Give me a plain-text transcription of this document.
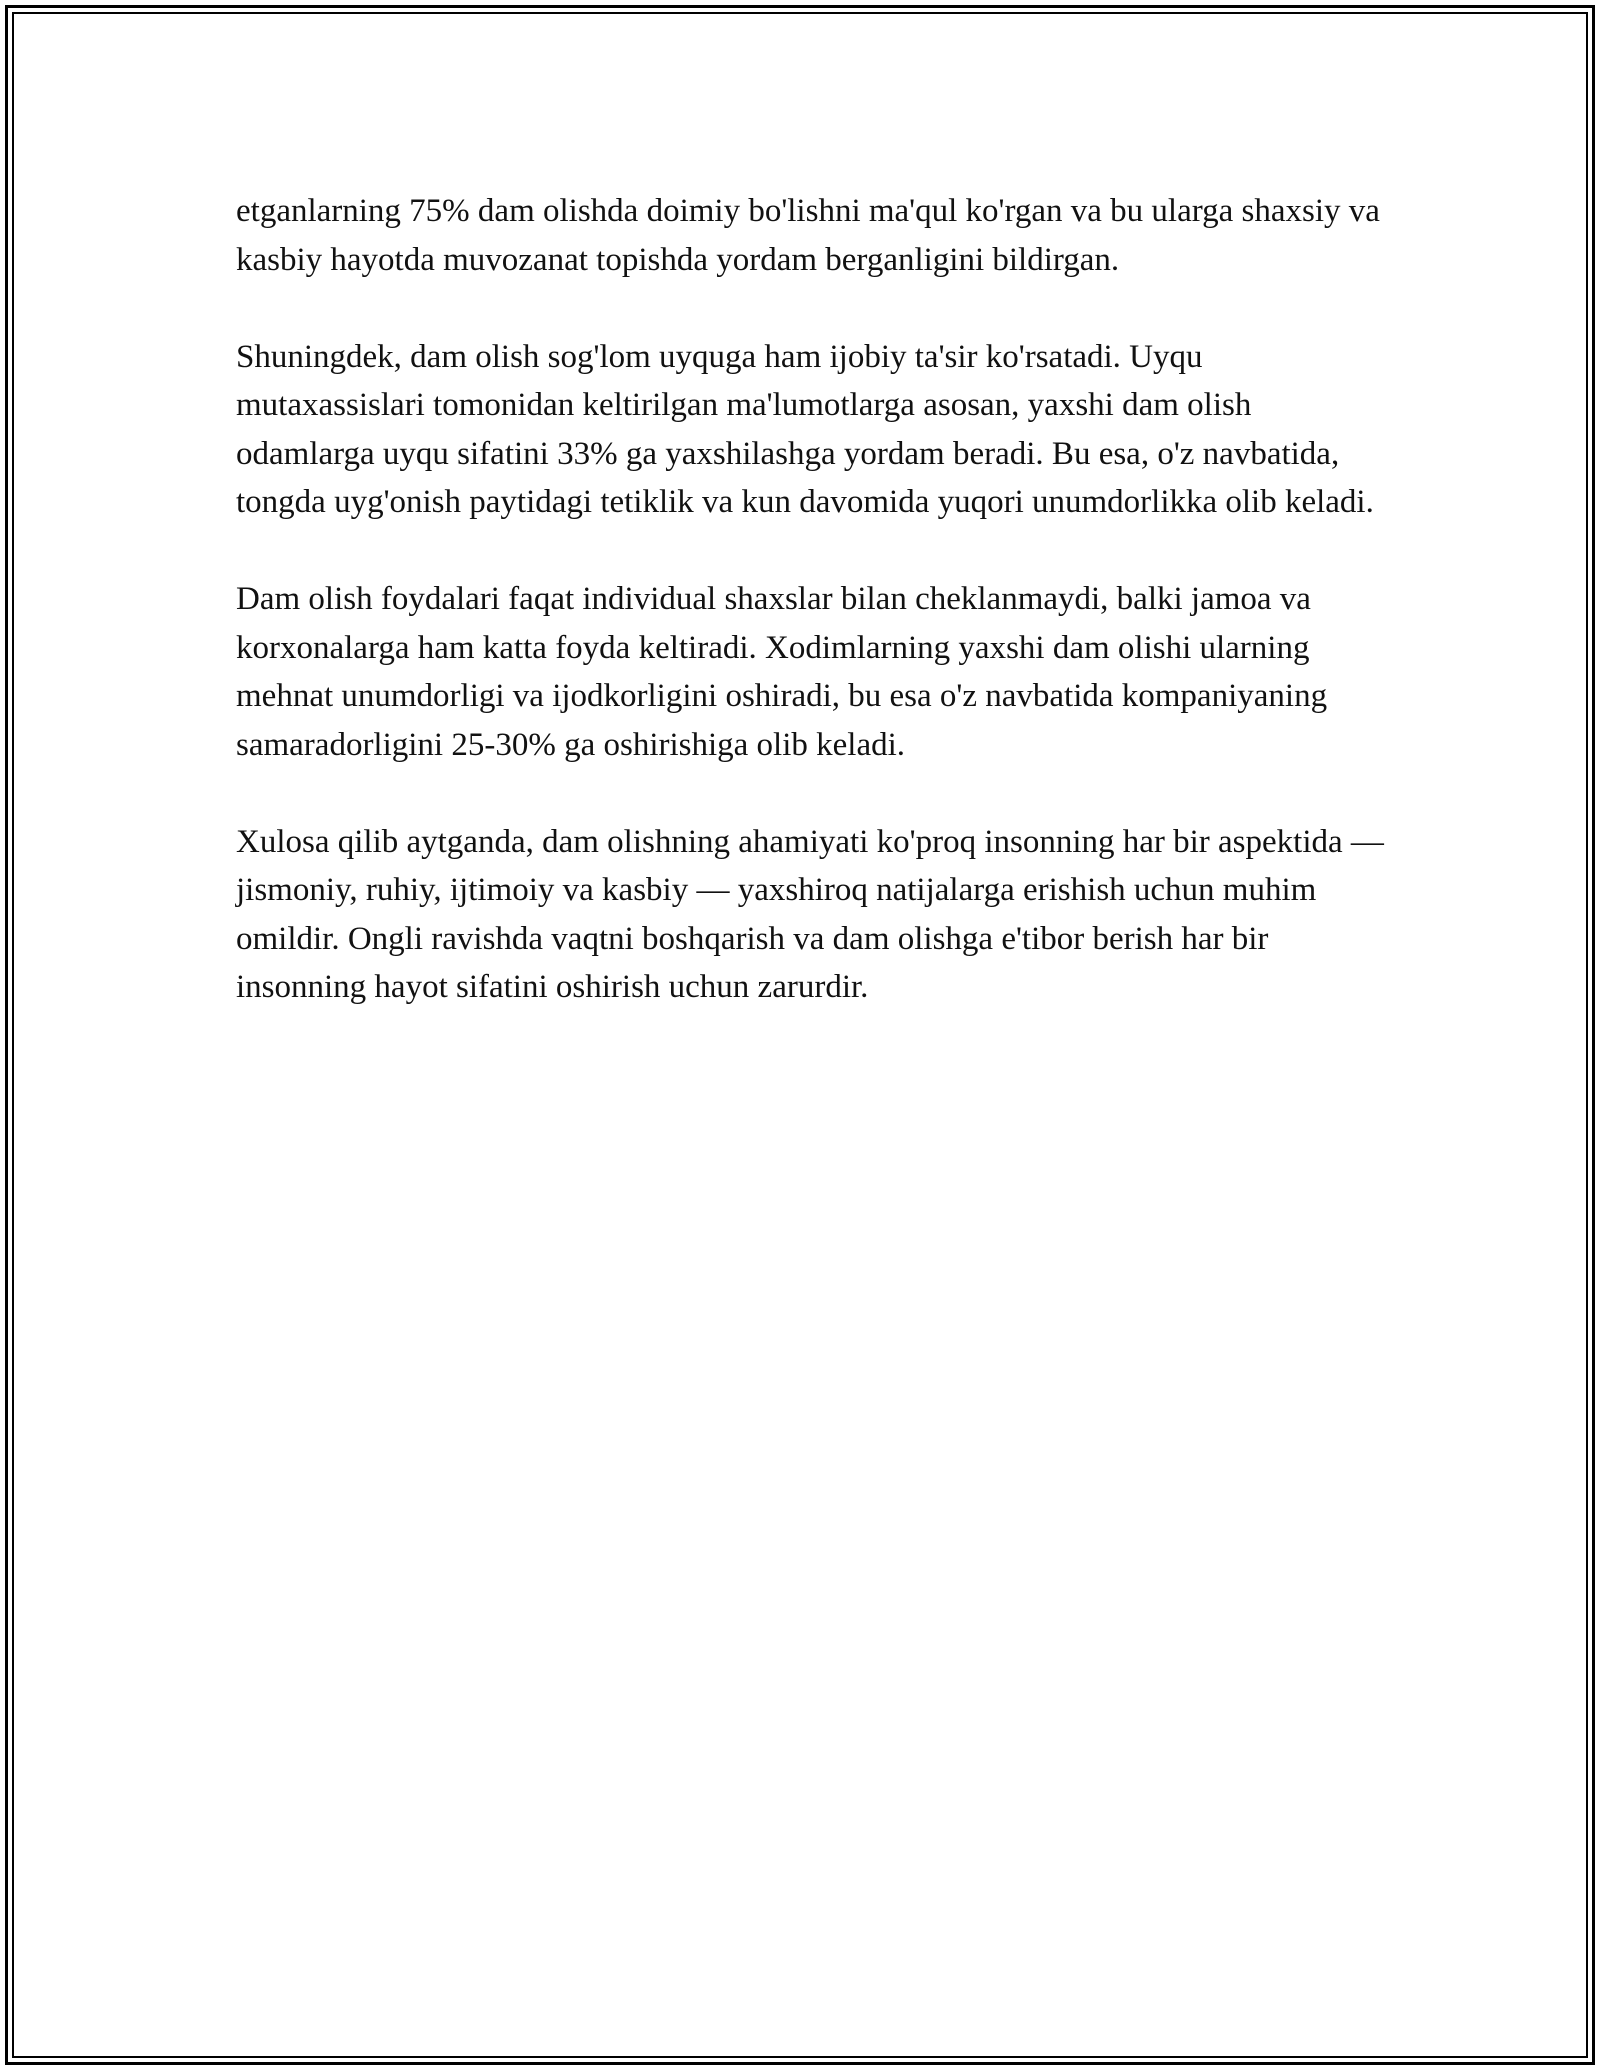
etganlarning 75% dam olishda doimiy bo'lishni ma'qul ko'rgan va bu ularga shaxsiy va kasbiy hayotda muvozanat topishda yordam berganligini bildirgan.

Shuningdek, dam olish sog'lom uyquga ham ijobiy ta'sir ko'rsatadi. Uyqu mutaxassislari tomonidan keltirilgan ma'lumotlarga asosan, yaxshi dam olish odamlarga uyqu sifatini 33% ga yaxshilashga yordam beradi. Bu esa, o'z navbatida, tongda uyg'onish paytidagi tetiklik va kun davomida yuqori unumdorlikka olib keladi.

Dam olish foydalari faqat individual shaxslar bilan cheklanmaydi, balki jamoa va korxonalarga ham katta foyda keltiradi. Xodimlarning yaxshi dam olishi ularning mehnat unumdorligi va ijodkorligini oshiradi, bu esa o'z navbatida kompaniyaning samaradorligini 25-30% ga oshirishiga olib keladi.

Xulosa qilib aytganda, dam olishning ahamiyati ko'proq insonning har bir aspektida — jismoniy, ruhiy, ijtimoiy va kasbiy — yaxshiroq natijalarga erishish uchun muhim omildir. Ongli ravishda vaqtni boshqarish va dam olishga e'tibor berish har bir insonning hayot sifatini oshirish uchun zarurdir.
